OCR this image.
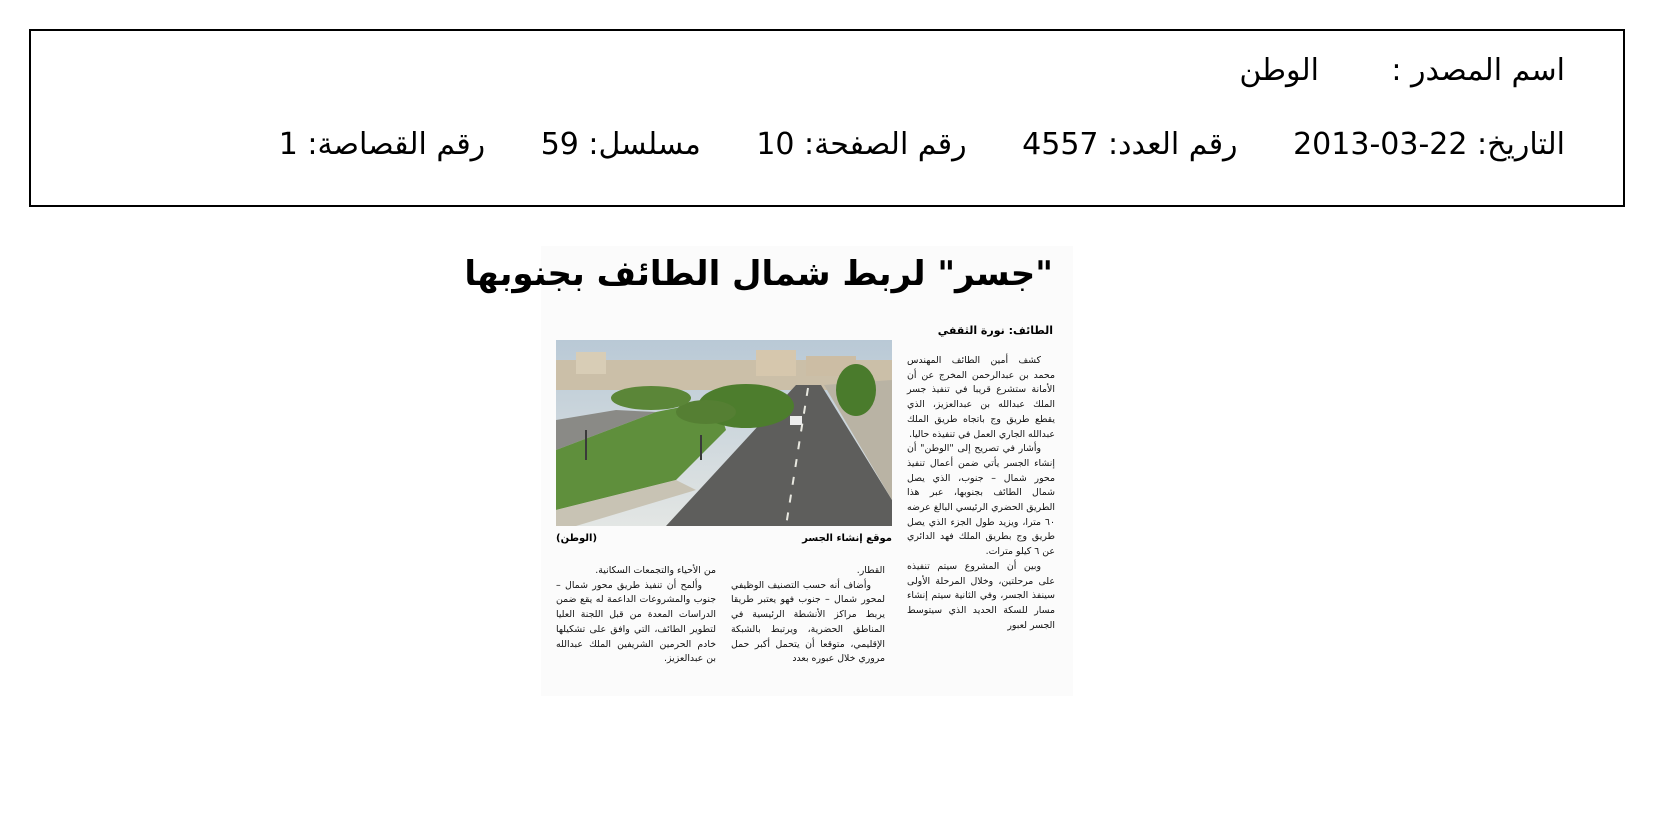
اسم المصدر :الوطن
التاريخ: 22-03-2013 رقم العدد: 4557 رقم الصفحة: 10 مسلسل: 59 رقم القصاصة: 1
"جسر" لربط شمال الطائف بجنوبها
الطائف: نورة الثقفي
(الوطن)	موقع إنشاء الجسر

كشف أمين الطائف المهندس محمد بن عبدالرحمن المخرج عن أن الأمانة ستشرع قريبا في تنفيذ جسر الملك عبدالله بن عبدالعزيز، الذي يقطع طريق وج باتجاه طريق الملك عبدالله الجاري العمل في تنفيذه حاليا.

وأشار في تصريح إلى "الوطن" أن إنشاء الجسر يأتي ضمن أعمال تنفيذ محور شمال – جنوب، الذي يصل شمال الطائف بجنوبها، عبر هذا الطريق الحضري الرئيسي البالغ عرضه ٦٠ مترا، ويزيد طول الجزء الذي يصل طريق وج بطريق الملك فهد الدائري عن ٦ كيلو مترات.

وبين أن المشروع سيتم تنفيذه على مرحلتين، وخلال المرحلة الأولى سينفذ الجسر، وفي الثانية سيتم إنشاء مسار للسكة الحديد الذي سيتوسط الجسر لعبور

القطار.

وأضاف أنه حسب التصنيف الوظيفي لمحور شمال – جنوب فهو يعتبر طريقا يربط مراكز الأنشطة الرئيسية في المناطق الحضرية، ويرتبط بالشبكة الإقليمي، متوقعا أن يتحمل أكبر حمل مروري خلال عبوره بعدد

من الأحياء والتجمعات السكانية.

وألمح أن تنفيذ طريق محور شمال – جنوب والمشروعات الداعمة له يقع ضمن الدراسات المعدة من قبل اللجنة العليا لتطوير الطائف، التي وافق على تشكيلها خادم الحرمين الشريفين الملك عبدالله بن عبدالعزيز.
